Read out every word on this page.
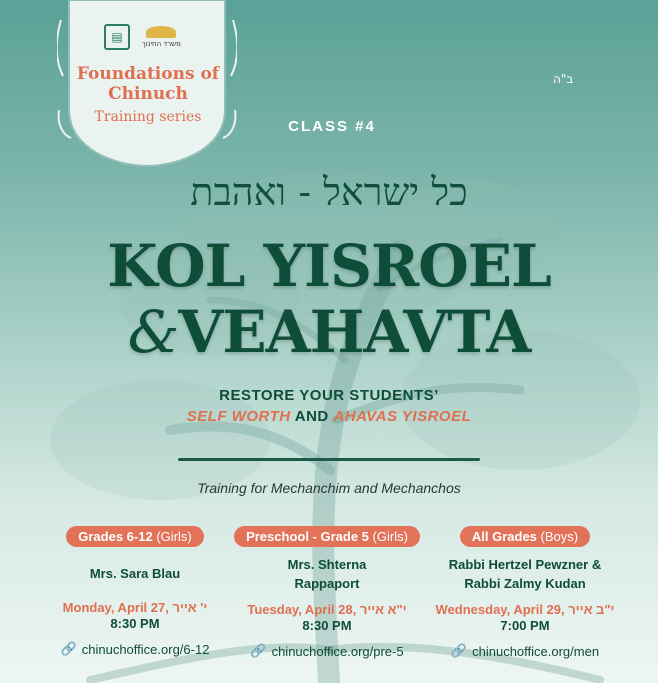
▤	משרד החינוך
Foundations of Chinuch
Training series
ב"ה
CLASS #4
כל ישראל - ואהבת
KOL YISROEL
&VEAHAVTA
RESTORE YOUR STUDENTS’
SELF WORTH AND AHAVAS YISROEL
Training for Mechanchim and Mechanchos
Grades 6-12 (Girls)
Mrs. Sara Blau
Monday, April 27, י' אייר
8:30 PM
🔗 chinuchoffice.org/6-12
Preschool - Grade 5 (Girls)
Mrs. Shterna Rappaport
Tuesday, April 28, י"א אייר
8:30 PM
🔗 chinuchoffice.org/pre-5
All Grades (Boys)
Rabbi Hertzel Pewzner & Rabbi Zalmy Kudan
Wednesday, April 29, י"ב אייר
7:00 PM
🔗 chinuchoffice.org/men
